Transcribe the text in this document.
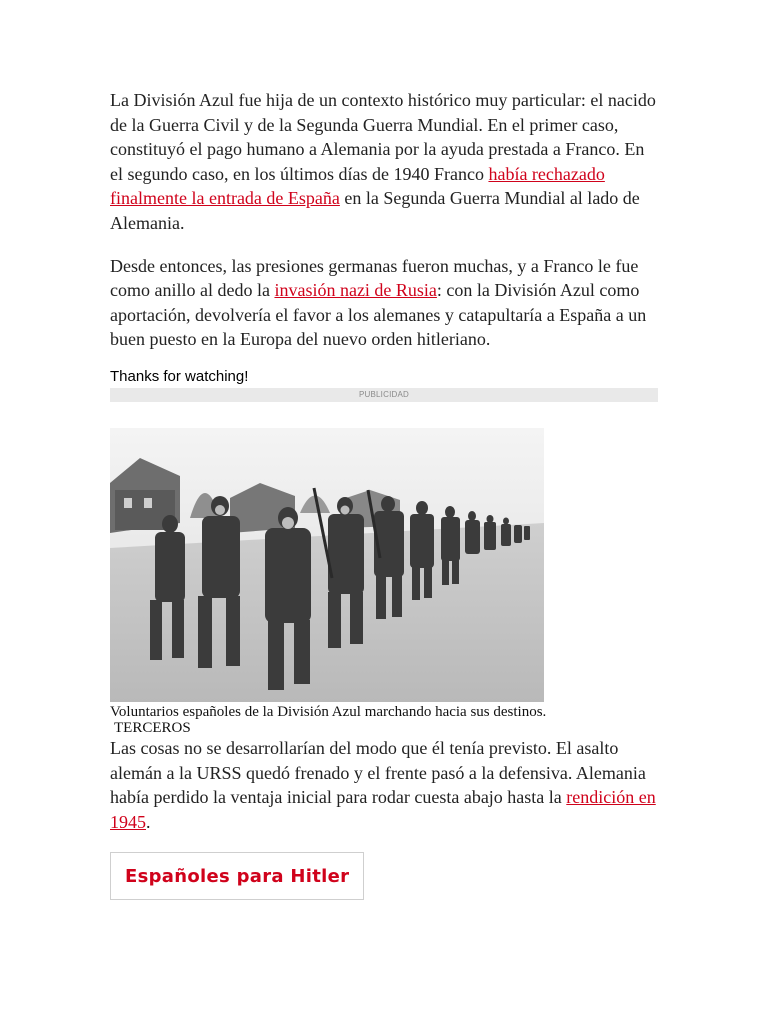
La División Azul fue hija de un contexto histórico muy particular: el nacido de la Guerra Civil y de la Segunda Guerra Mundial. En el primer caso, constituyó el pago humano a Alemania por la ayuda prestada a Franco. En el segundo caso, en los últimos días de 1940 Franco había rechazado finalmente la entrada de España en la Segunda Guerra Mundial al lado de Alemania.

Desde entonces, las presiones germanas fueron muchas, y a Franco le fue como anillo al dedo la invasión nazi de Rusia: con la División Azul como aportación, devolvería el favor a los alemanes y catapultaría a España a un buen puesto en la Europa del nuevo orden hitleriano.

Thanks for watching!
PUBLICIDAD
Voluntarios españoles de la División Azul marchando hacia sus destinos.
TERCEROS

Las cosas no se desarrollarían del modo que él tenía previsto. El asalto alemán a la URSS quedó frenado y el frente pasó a la defensiva. Alemania había perdido la ventaja inicial para rodar cuesta abajo hasta la rendición en 1945.

Españoles para Hitler
